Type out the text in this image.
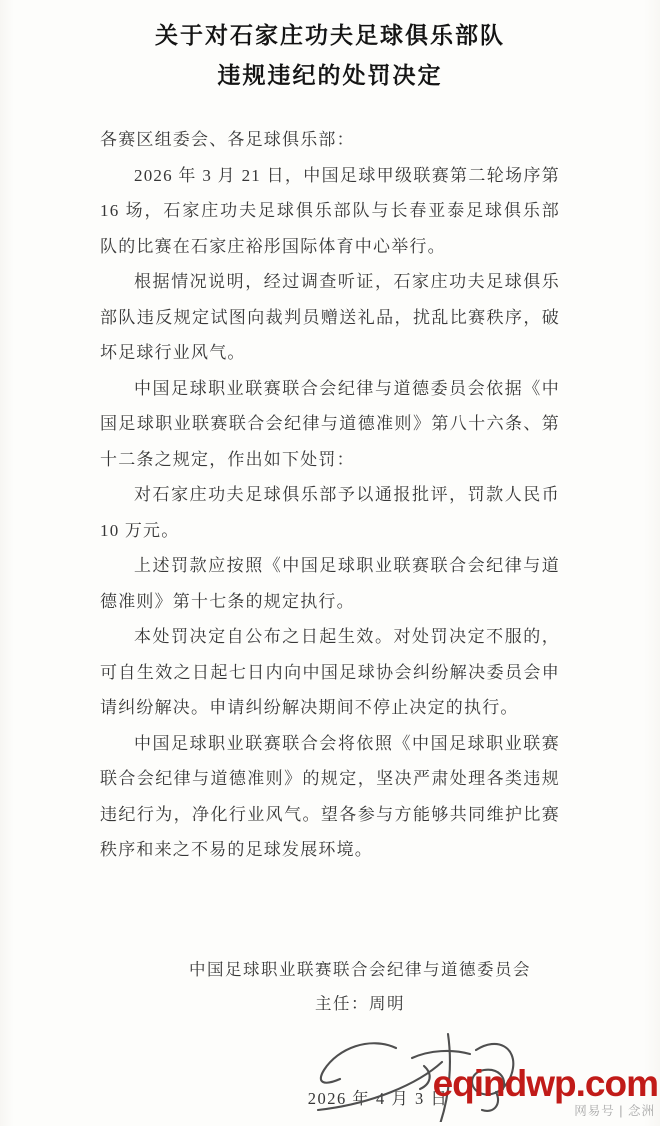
关于对石家庄功夫足球俱乐部队
违规违纪的处罚决定

各赛区组委会、各足球俱乐部：

2026 年 3 月 21 日，中国足球甲级联赛第二轮场序第 16 场，石家庄功夫足球俱乐部队与长春亚泰足球俱乐部队的比赛在石家庄裕彤国际体育中心举行。

根据情况说明，经过调查听证，石家庄功夫足球俱乐部队违反规定试图向裁判员赠送礼品，扰乱比赛秩序，破坏足球行业风气。

中国足球职业联赛联合会纪律与道德委员会依据《中国足球职业联赛联合会纪律与道德准则》第八十六条、第十二条之规定，作出如下处罚：

对石家庄功夫足球俱乐部予以通报批评，罚款人民币 10 万元。

上述罚款应按照《中国足球职业联赛联合会纪律与道德准则》第十七条的规定执行。

本处罚决定自公布之日起生效。对处罚决定不服的，可自生效之日起七日内向中国足球协会纠纷解决委员会申请纠纷解决。申请纠纷解决期间不停止决定的执行。

中国足球职业联赛联合会将依照《中国足球职业联赛联合会纪律与道德准则》的规定，坚决严肃处理各类违规违纪行为，净化行业风气。望各参与方能够共同维护比赛秩序和来之不易的足球发展环境。

中国足球职业联赛联合会纪律与道德委员会
主任：周明
2026 年 4 月 3 日
eqindwp.com
网易号 | 念洲
